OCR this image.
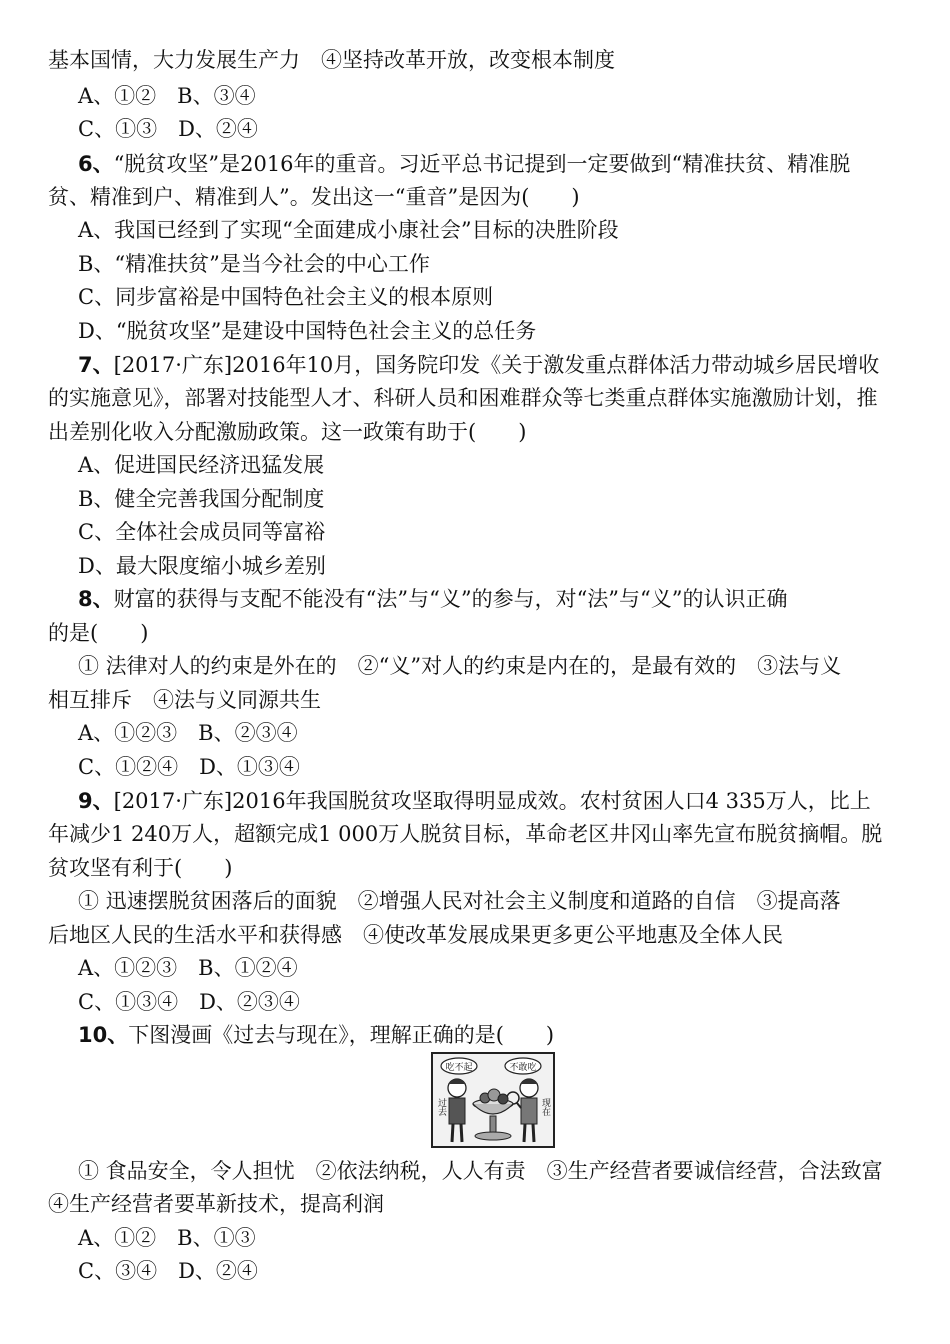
基本国情，大力发展生产力　④坚持改革开放，改变根本制度
A、①②　B、③④
C、①③　D、②④
6、“脱贫攻坚”是2016年的重音。习近平总书记提到一定要做到“精准扶贫、精准脱
贫、精准到户、精准到人”。发出这一“重音”是因为(　　)
A、我国已经到了实现“全面建成小康社会”目标的决胜阶段
B、“精准扶贫”是当今社会的中心工作
C、同步富裕是中国特色社会主义的根本原则
D、“脱贫攻坚”是建设中国特色社会主义的总任务
7、[2017·广东]2016年10月，国务院印发《关于激发重点群体活力带动城乡居民增收
的实施意见》，部署对技能型人才、科研人员和困难群众等七类重点群体实施激励计划，推
出差别化收入分配激励政策。这一政策有助于(　　)
A、促进国民经济迅猛发展
B、健全完善我国分配制度
C、全体社会成员同等富裕
D、最大限度缩小城乡差别
8、财富的获得与支配不能没有“法”与“义”的参与，对“法”与“义”的认识正确
的是(　　)
① 法律对人的约束是外在的　②“义”对人的约束是内在的，是最有效的　③法与义
相互排斥　④法与义同源共生
A、①②③　B、②③④
C、①②④　D、①③④
9、[2017·广东]2016年我国脱贫攻坚取得明显成效。农村贫困人口4 335万人，比上
年减少1 240万人，超额完成1 000万人脱贫目标，革命老区井冈山率先宣布脱贫摘帽。脱
贫攻坚有利于(　　)
① 迅速摆脱贫困落后的面貌　②增强人民对社会主义制度和道路的自信　③提高落
后地区人民的生活水平和获得感　④使改革发展成果更多更公平地惠及全体人民
A、①②③　B、①②④
C、①③④　D、②③④
10、下图漫画《过去与现在》，理解正确的是(　　)
吃不起	不敢吃
过去	现在
① 食品安全，令人担忧　②依法纳税，人人有责　③生产经营者要诚信经营，合法致富
④生产经营者要革新技术，提高利润
A、①②　B、①③
C、③④　D、②④
